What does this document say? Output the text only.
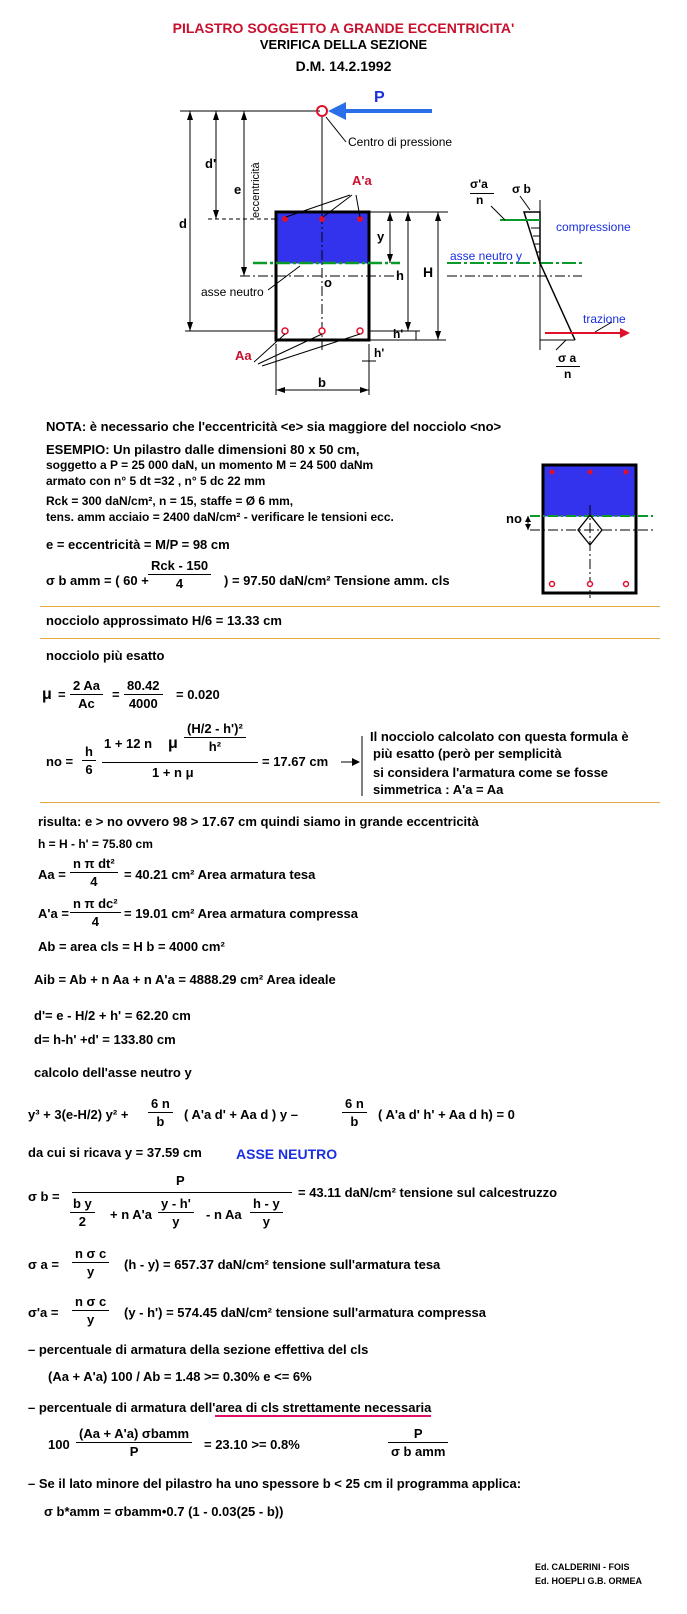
PILASTRO SOGGETTO A GRANDE ECCENTRICITA'
VERIFICA DELLA SEZIONE
D.M. 14.2.1992
P
Centro di pressione
eccentricità
d'
e
d
A'a
y
h H
h'
o
asse neutro
Aa	h'
b
σ'a
n
σ b
compressione
asse neutro y
trazione
σ a
n
NOTA: è necessario che l'eccentricità <e> sia maggiore del nocciolo <no>
ESEMPIO: Un pilastro dalle dimensioni 80 x 50 cm,
soggetto a P = 25 000 daN, un momento M = 24 500 daNm
armato con n° 5 dt =32 , n° 5 dc 22 mm
Rck = 300 daN/cm², n = 15, staffe = Ø 6 mm,
tens. amm acciaio = 2400 daN/cm² - verificare le tensioni ecc.	no
e = eccentricità = M/P = 98 cm
σ b amm = ( 60 +
Rck - 150
4	) = 97.50 daN/cm² Tensione amm. cls
nocciolo approssimato H/6 = 13.33 cm
nocciolo più esatto
$\mu = \frac{2 Aa}{Ac} = \frac{80.42}{4000} = 0.020$
no = $\frac{h}{6}$
1 + 12 n μ $\frac{\text{(H/2 - h')²}}{\text{h²}}$
1 + n μ
= 17.67 cm
Il nocciolo calcolato con questa formula è
più esatto (però per semplicità
si considera l'armatura come se fosse
simmetrica : A'a = Aa
risulta: e > no ovvero 98 > 17.67 cm quindi siamo in grande eccentricità
h = H - h' = 75.80 cm
$Aa = \frac{\text{n π dt²}}{4} = 40.21$ cm² Area armatura tesa
$A'a = \frac{\text{n π dc²}}{4} = 19.01$ cm² Area armatura compressa
Ab = area cls = H b = 4000 cm²
Aib = Ab + n Aa + n A'a = 4888.29 cm² Area ideale
d'= e - H/2 + h' = 62.20 cm
d= h-h' +d' = 133.80 cm
calcolo dell'asse neutro y
y³ + 3(e-H/2) $y^2 + \frac{6 n}{b}$ ( A'a d' + Aa d ) y –	$\frac{6 n}{b}$ ( A'a d' h' + Aa d h) = 0
da cui si ricava y = 37.59 cm ASSE NEUTRO
σ b =
P
$\frac{\text{b y}}{2} + n$ $A'a \frac{y - h'}{y}$ - n Aa $\frac{h - y}{y}$
= 43.11 daN/cm² tensione sul calcestruzzo
σ $a = \frac{\text{n σ c}}{y} (h - y) = 657.37$ daN/cm² tensione sull'armatura tesa
$\sigma'a = \frac{\text{n σ c}}{y} (y - h') = 574.45$ daN/cm² tensione sull'armatura compressa
– percentuale di armatura della sezione effettiva del cls
(Aa + A'a) 100 / Ab = 1.48 >= 0.30% e <= 6%
– percentuale di armatura dell'area di cls strettamente necessaria
100
(Aa + A'a) σbamm
P	= 23.10 >= 0.8%
P
σ b amm
– Se il lato minore del pilastro ha uno spessore b < 25 cm il programma applica:
σ b*amm = σbamm•0.7 (1 - 0.03(25 - b))
Ed. CALDERINI - FOIS
Ed. HOEPLI G.B. ORMEA
